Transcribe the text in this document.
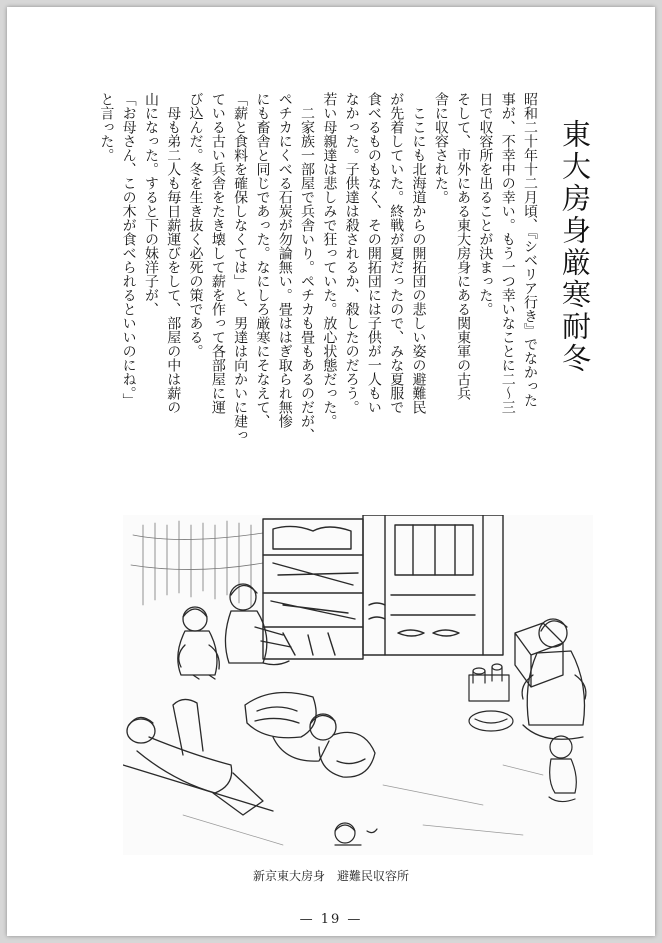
東大房身厳寒耐冬
昭和二十年十二月頃、『シベリア行き』でなかった
事が、不幸中の幸い。もう一つ幸いなことに二～三
日で収容所を出ることが決まった。
そして、市外にある東大房身にある関東軍の古兵
舎に収容された。
　ここにも北海道からの開拓団の悲しい姿の避難民
が先着していた。終戦が夏だったので、みな夏服で
食べるものもなく、その開拓団には子供が一人もい
なかった。子供達は殺されるか、殺したのだろう。
若い母親達は悲しみで狂っていた。放心状態だった。
　二家族一部屋で兵舎いり。ペチカも畳もあるのだが、
ペチカにくべる石炭が勿論無い。畳ははぎ取られ無惨
にも畜舎と同じであった。なにしろ厳寒にそなえて、
「薪と食料を確保しなくては」と、男達は向かいに建っ
ている古い兵舎をたき壊して薪を作って各部屋に運
び込んだ。冬を生き抜く必死の策である。
　母も弟二人も毎日薪運びをして、部屋の中は薪の
山になった。すると下の妹洋子が、
「お母さん、この木が食べられるといいのにね。」
と言った。
新京東大房身　避難民収容所
— 19 —
